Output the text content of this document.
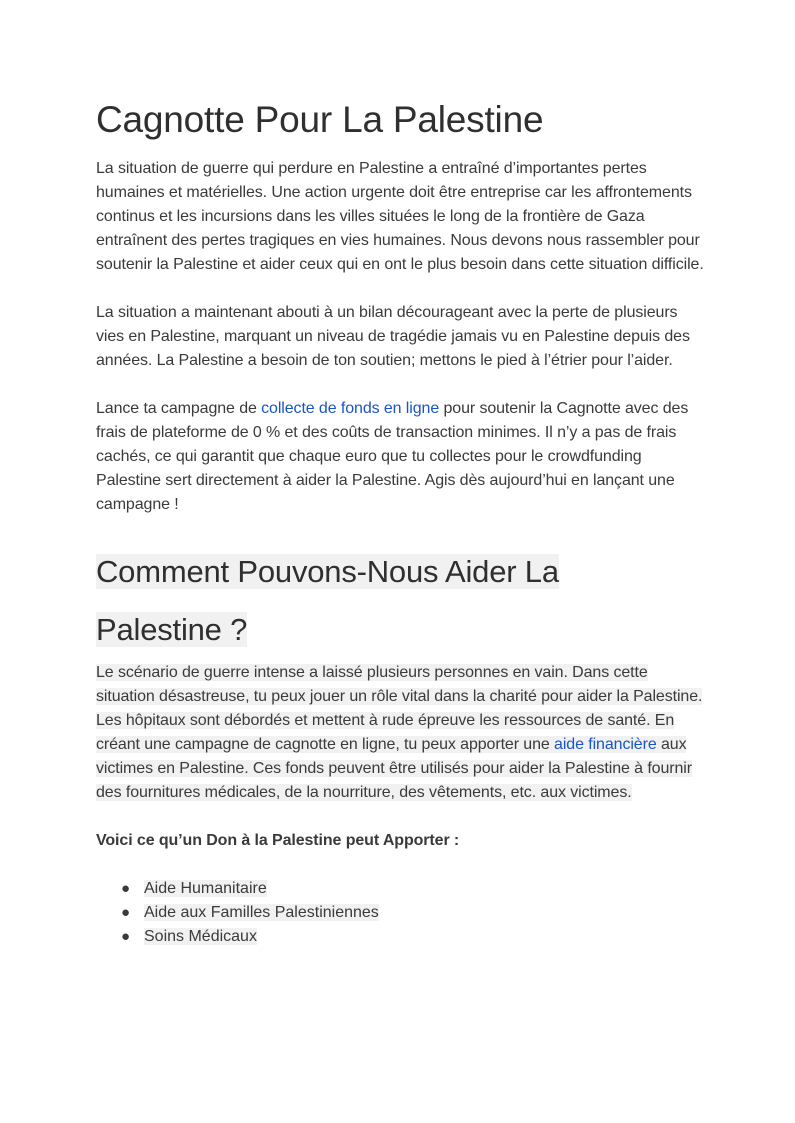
Cagnotte Pour La Palestine

La situation de guerre qui perdure en Palestine a entraîné d’importantes pertes humaines et matérielles. Une action urgente doit être entreprise car les affrontements continus et les incursions dans les villes situées le long de la frontière de Gaza entraînent des pertes tragiques en vies humaines. Nous devons nous rassembler pour soutenir la Palestine et aider ceux qui en ont le plus besoin dans cette situation difficile.

La situation a maintenant abouti à un bilan décourageant avec la perte de plusieurs vies en Palestine, marquant un niveau de tragédie jamais vu en Palestine depuis des années. La Palestine a besoin de ton soutien; mettons le pied à l’étrier pour l’aider.

Lance ta campagne de collecte de fonds en ligne pour soutenir la Cagnotte avec des frais de plateforme de 0 % et des coûts de transaction minimes. Il n’y a pas de frais cachés, ce qui garantit que chaque euro que tu collectes pour le crowdfunding Palestine sert directement à aider la Palestine. Agis dès aujourd’hui en lançant une campagne !

Comment Pouvons-Nous Aider La
Palestine ?

Le scénario de guerre intense a laissé plusieurs personnes en vain. Dans cette situation désastreuse, tu peux jouer un rôle vital dans la charité pour aider la Palestine. Les hôpitaux sont débordés et mettent à rude épreuve les ressources de santé. En créant une campagne de cagnotte en ligne, tu peux apporter une aide financière aux victimes en Palestine. Ces fonds peuvent être utilisés pour aider la Palestine à fournir des fournitures médicales, de la nourriture, des vêtements, etc. aux victimes.

Voici ce qu’un Don à la Palestine peut Apporter :

● Aide Humanitaire
● Aide aux Familles Palestiniennes
● Soins Médicaux
